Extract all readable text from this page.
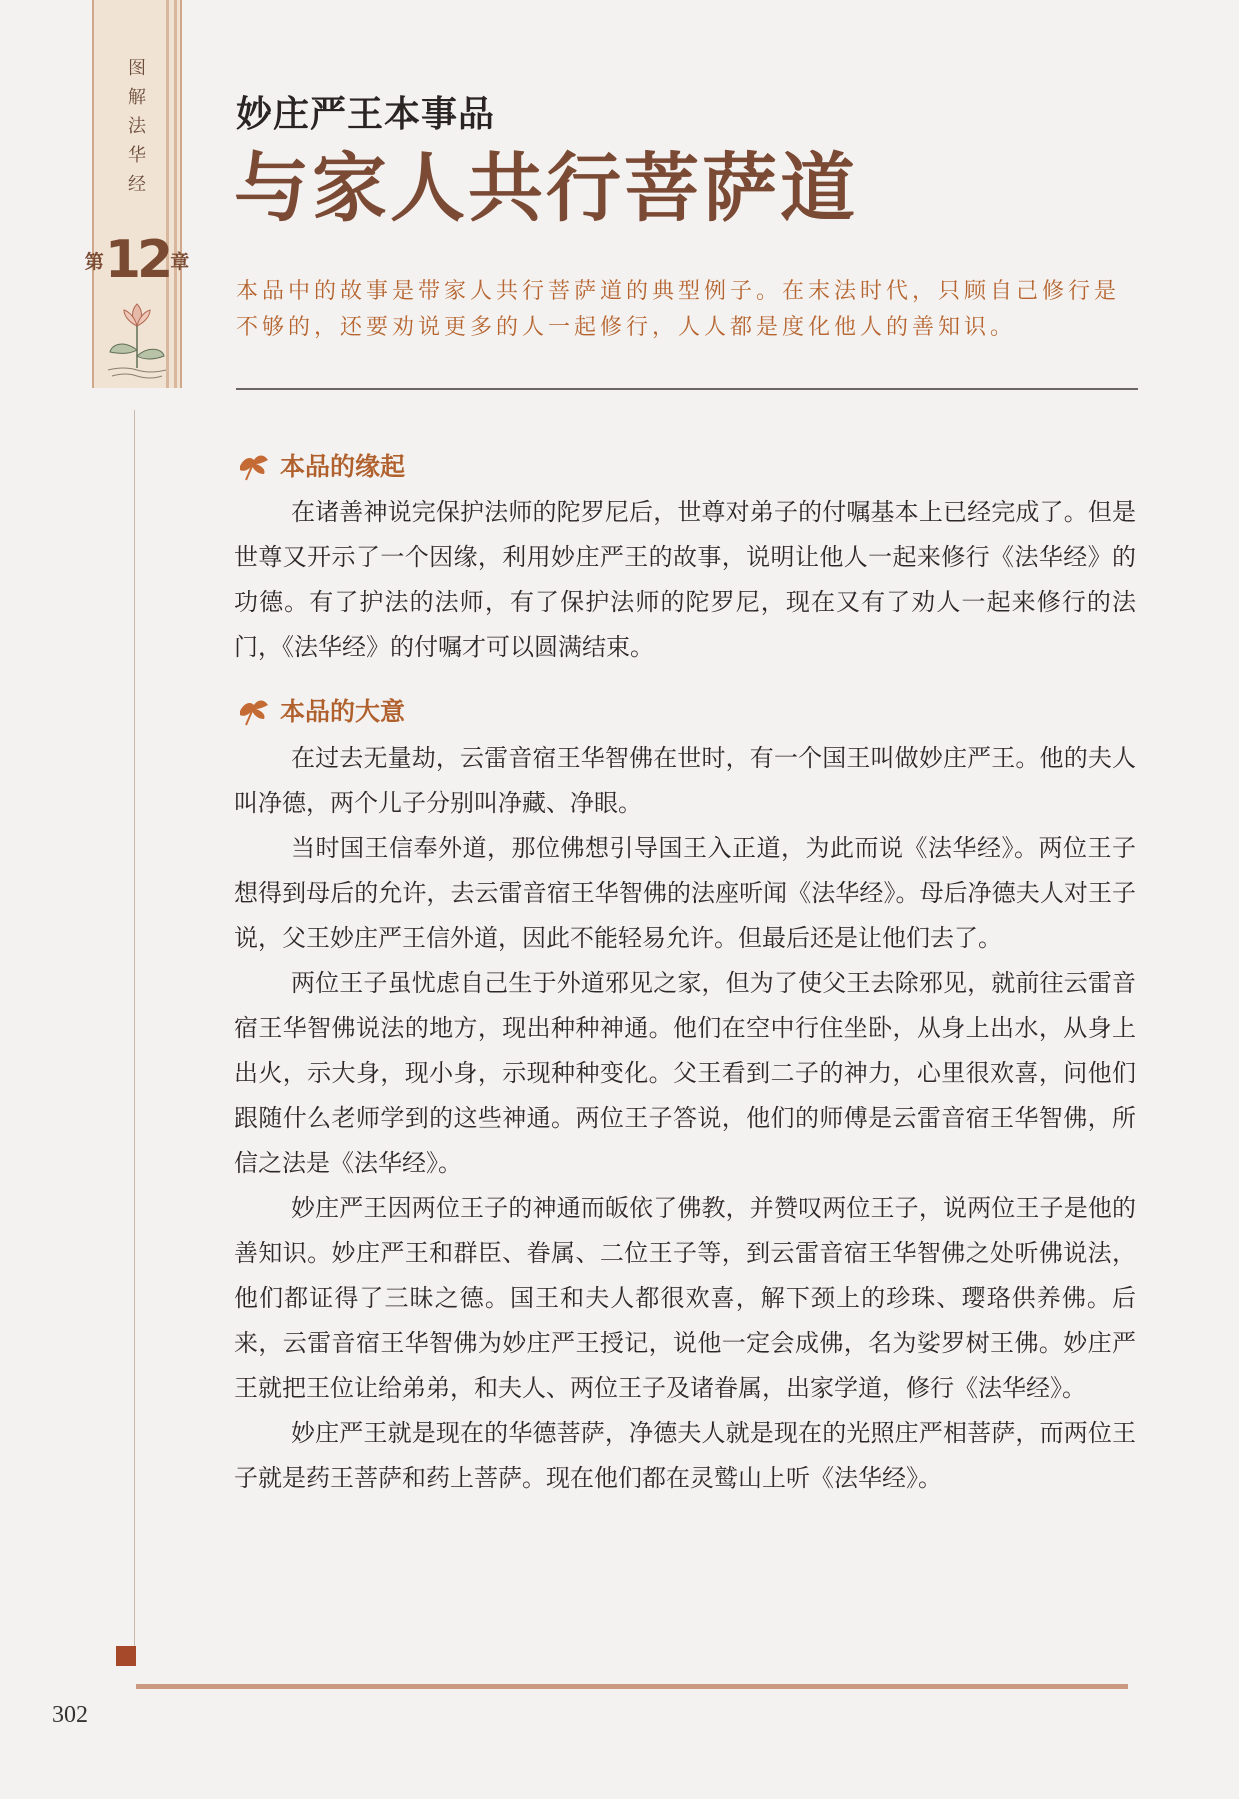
图
解
法
华
经
第 12 章
妙庄严王本事品
与家人共行菩萨道
本品中的故事是带家人共行菩萨道的典型例子。在末法时代，只顾自己修行是不够的，还要劝说更多的人一起修行，人人都是度化他人的善知识。
本品的缘起

在诸善神说完保护法师的陀罗尼后，世尊对弟子的付嘱基本上已经完成了。但是世尊又开示了一个因缘，利用妙庄严王的故事，说明让他人一起来修行《法华经》的功德。有了护法的法师，有了保护法师的陀罗尼，现在又有了劝人一起来修行的法门，《法华经》的付嘱才可以圆满结束。

本品的大意

在过去无量劫，云雷音宿王华智佛在世时，有一个国王叫做妙庄严王。他的夫人叫净德，两个儿子分别叫净藏、净眼。

当时国王信奉外道，那位佛想引导国王入正道，为此而说《法华经》。两位王子想得到母后的允许，去云雷音宿王华智佛的法座听闻《法华经》。母后净德夫人对王子说，父王妙庄严王信外道，因此不能轻易允许。但最后还是让他们去了。

两位王子虽忧虑自己生于外道邪见之家，但为了使父王去除邪见，就前往云雷音宿王华智佛说法的地方，现出种种神通。他们在空中行住坐卧，从身上出水，从身上出火，示大身，现小身，示现种种变化。父王看到二子的神力，心里很欢喜，问他们跟随什么老师学到的这些神通。两位王子答说，他们的师傅是云雷音宿王华智佛，所信之法是《法华经》。

妙庄严王因两位王子的神通而皈依了佛教，并赞叹两位王子，说两位王子是他的善知识。妙庄严王和群臣、眷属、二位王子等，到云雷音宿王华智佛之处听佛说法，他们都证得了三昧之德。国王和夫人都很欢喜，解下颈上的珍珠、璎珞供养佛。后来，云雷音宿王华智佛为妙庄严王授记，说他一定会成佛，名为娑罗树王佛。妙庄严王就把王位让给弟弟，和夫人、两位王子及诸眷属，出家学道，修行《法华经》。

妙庄严王就是现在的华德菩萨，净德夫人就是现在的光照庄严相菩萨，而两位王子就是药王菩萨和药上菩萨。现在他们都在灵鹫山上听《法华经》。

302
